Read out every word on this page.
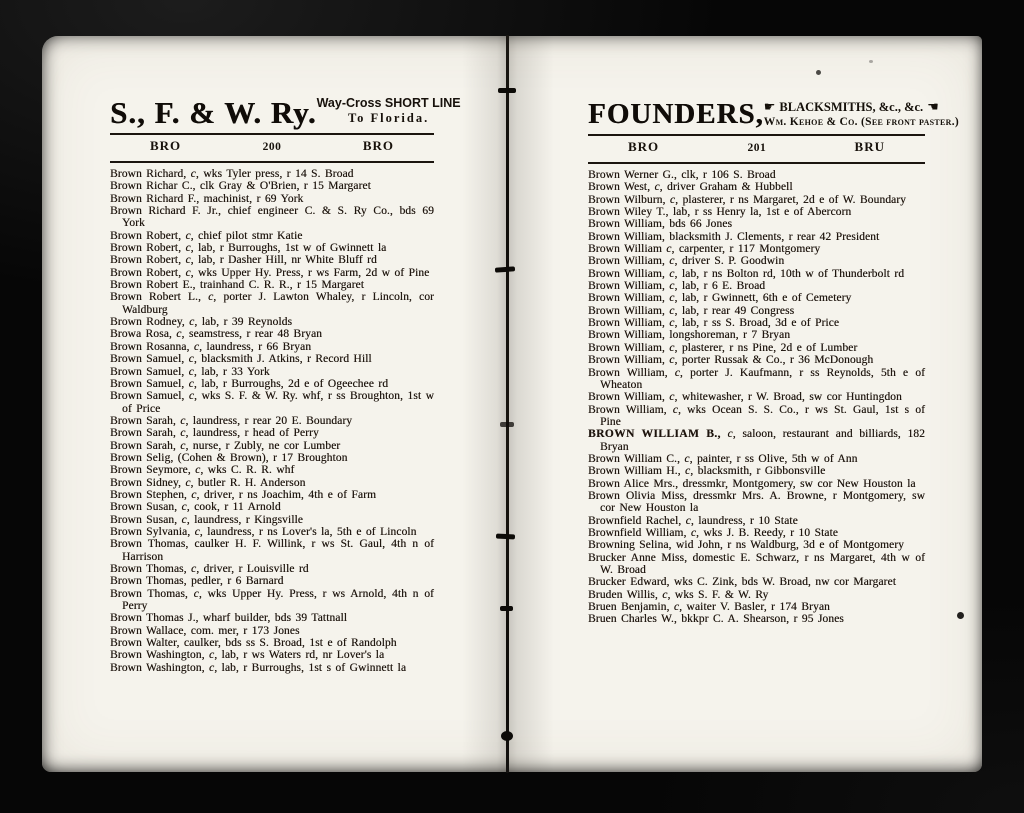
S., F. & W. Ry. Way-Cross SHORT LINE
To Florida.
BRO	200	BRO
Brown Richard, c, wks Tyler press, r 14 S. Broad
Brown Richar C., clk Gray & O'Brien, r 15 Margaret
Brown Richard F., machinist, r 69 York
Brown Richard F. Jr., chief engineer C. & S. Ry Co., bds 69 York
Brown Robert, c, chief pilot stmr Katie
Brown Robert, c, lab, r Burroughs, 1st w of Gwinnett la
Brown Robert, c, lab, r Dasher Hill, nr White Bluff rd
Brown Robert, c, wks Upper Hy. Press, r ws Farm, 2d w of Pine
Brown Robert E., trainhand C. R. R., r 15 Margaret
Brown Robert L., c, porter J. Lawton Whaley, r Lincoln, cor Waldburg
Brown Rodney, c, lab, r 39 Reynolds
Browa Rosa, c, seamstress, r rear 48 Bryan
Brown Rosanna, c, laundress, r 66 Bryan
Brown Samuel, c, blacksmith J. Atkins, r Record Hill
Brown Samuel, c, lab, r 33 York
Brown Samuel, c, lab, r Burroughs, 2d e of Ogeechee rd
Brown Samuel, c, wks S. F. & W. Ry. whf, r ss Broughton, 1st w of Price
Brown Sarah, c, laundress, r rear 20 E. Boundary
Brown Sarah, c, laundress, r head of Perry
Brown Sarah, c, nurse, r Zubly, ne cor Lumber
Brown Selig, (Cohen & Brown), r 17 Broughton
Brown Seymore, c, wks C. R. R. whf
Brown Sidney, c, butler R. H. Anderson
Brown Stephen, c, driver, r ns Joachim, 4th e of Farm
Brown Susan, c, cook, r 11 Arnold
Brown Susan, c, laundress, r Kingsville
Brown Sylvania, c, laundress, r ns Lover's la, 5th e of Lincoln
Brown Thomas, caulker H. F. Willink, r ws St. Gaul, 4th n of Harrison
Brown Thomas, c, driver, r Louisville rd
Brown Thomas, pedler, r 6 Barnard
Brown Thomas, c, wks Upper Hy. Press, r ws Arnold, 4th n of Perry
Brown Thomas J., wharf builder, bds 39 Tattnall
Brown Wallace, com. mer, r 173 Jones
Brown Walter, caulker, bds ss S. Broad, 1st e of Randolph
Brown Washington, c, lab, r ws Waters rd, nr Lover's la
Brown Washington, c, lab, r Burroughs, 1st s of Gwinnett la
FOUNDERS, ☛ BLACKSMITHS, &c., &c. ☚
Wm. Kehoe & Co. (See front paster.)
BRO	201	BRU
Brown Werner G., clk, r 106 S. Broad
Brown West, c, driver Graham & Hubbell
Brown Wilburn, c, plasterer, r ns Margaret, 2d e of W. Boundary
Brown Wiley T., lab, r ss Henry la, 1st e of Abercorn
Brown William, bds 66 Jones
Brown William, blacksmith J. Clements, r rear 42 President
Brown William c, carpenter, r 117 Montgomery
Brown William, c, driver S. P. Goodwin
Brown William, c, lab, r ns Bolton rd, 10th w of Thunderbolt rd
Brown William, c, lab, r 6 E. Broad
Brown William, c, lab, r Gwinnett, 6th e of Cemetery
Brown William, c, lab, r rear 49 Congress
Brown William, c, lab, r ss S. Broad, 3d e of Price
Brown William, longshoreman, r 7 Bryan
Brown William, c, plasterer, r ns Pine, 2d e of Lumber
Brown William, c, porter Russak & Co., r 36 McDonough
Brown William, c, porter J. Kaufmann, r ss Reynolds, 5th e of Wheaton
Brown William, c, whitewasher, r W. Broad, sw cor Huntingdon
Brown William, c, wks Ocean S. S. Co., r ws St. Gaul, 1st s of Pine
BROWN WILLIAM B., c, saloon, restaurant and billiards, 182 Bryan
Brown William C., c, painter, r ss Olive, 5th w of Ann
Brown William H., c, blacksmith, r Gibbonsville
Brown Alice Mrs., dressmkr, Montgomery, sw cor New Houston la
Brown Olivia Miss, dressmkr Mrs. A. Browne, r Montgomery, sw cor New Houston la
Brownfield Rachel, c, laundress, r 10 State
Brownfield William, c, wks J. B. Reedy, r 10 State
Browning Selina, wid John, r ns Waldburg, 3d e of Montgomery
Brucker Anne Miss, domestic E. Schwarz, r ns Margaret, 4th w of W. Broad
Brucker Edward, wks C. Zink, bds W. Broad, nw cor Margaret
Bruden Willis, c, wks S. F. & W. Ry
Bruen Benjamin, c, waiter V. Basler, r 174 Bryan
Bruen Charles W., bkkpr C. A. Shearson, r 95 Jones
